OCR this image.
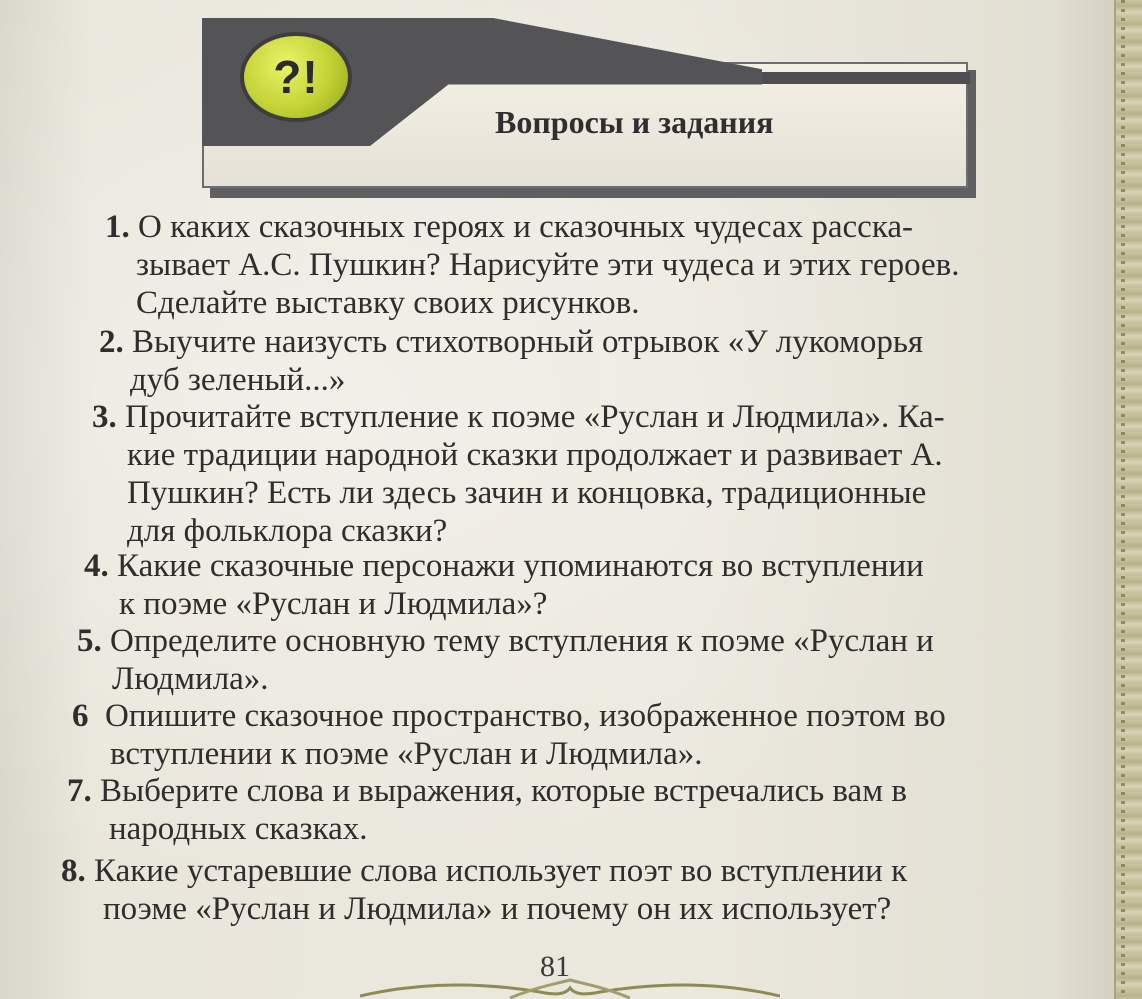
?!
Вопросы и задания
1. О каких сказочных героях и сказочных чудесах расска-
зывает А.С. Пушкин? Нарисуйте эти чудеса и этих героев.
Сделайте выставку своих рисунков.
2. Выучите наизусть стихотворный отрывок «У лукоморья
дуб зеленый...»
3. Прочитайте вступление к поэме «Руслан и Людмила». Ка-
кие традиции народной сказки продолжает и развивает А.
Пушкин? Есть ли здесь зачин и концовка, традиционные
для фольклора сказки?
4. Какие сказочные персонажи упоминаются во вступлении
к поэме «Руслан и Людмила»?
5. Определите основную тему вступления к поэме «Руслан и
Людмила».
6 Опишите сказочное пространство, изображенное поэтом во
вступлении к поэме «Руслан и Людмила».
7. Выберите слова и выражения, которые встречались вам в
народных сказках.
8. Какие устаревшие слова использует поэт во вступлении к
поэме «Руслан и Людмила» и почему он их использует?
81
